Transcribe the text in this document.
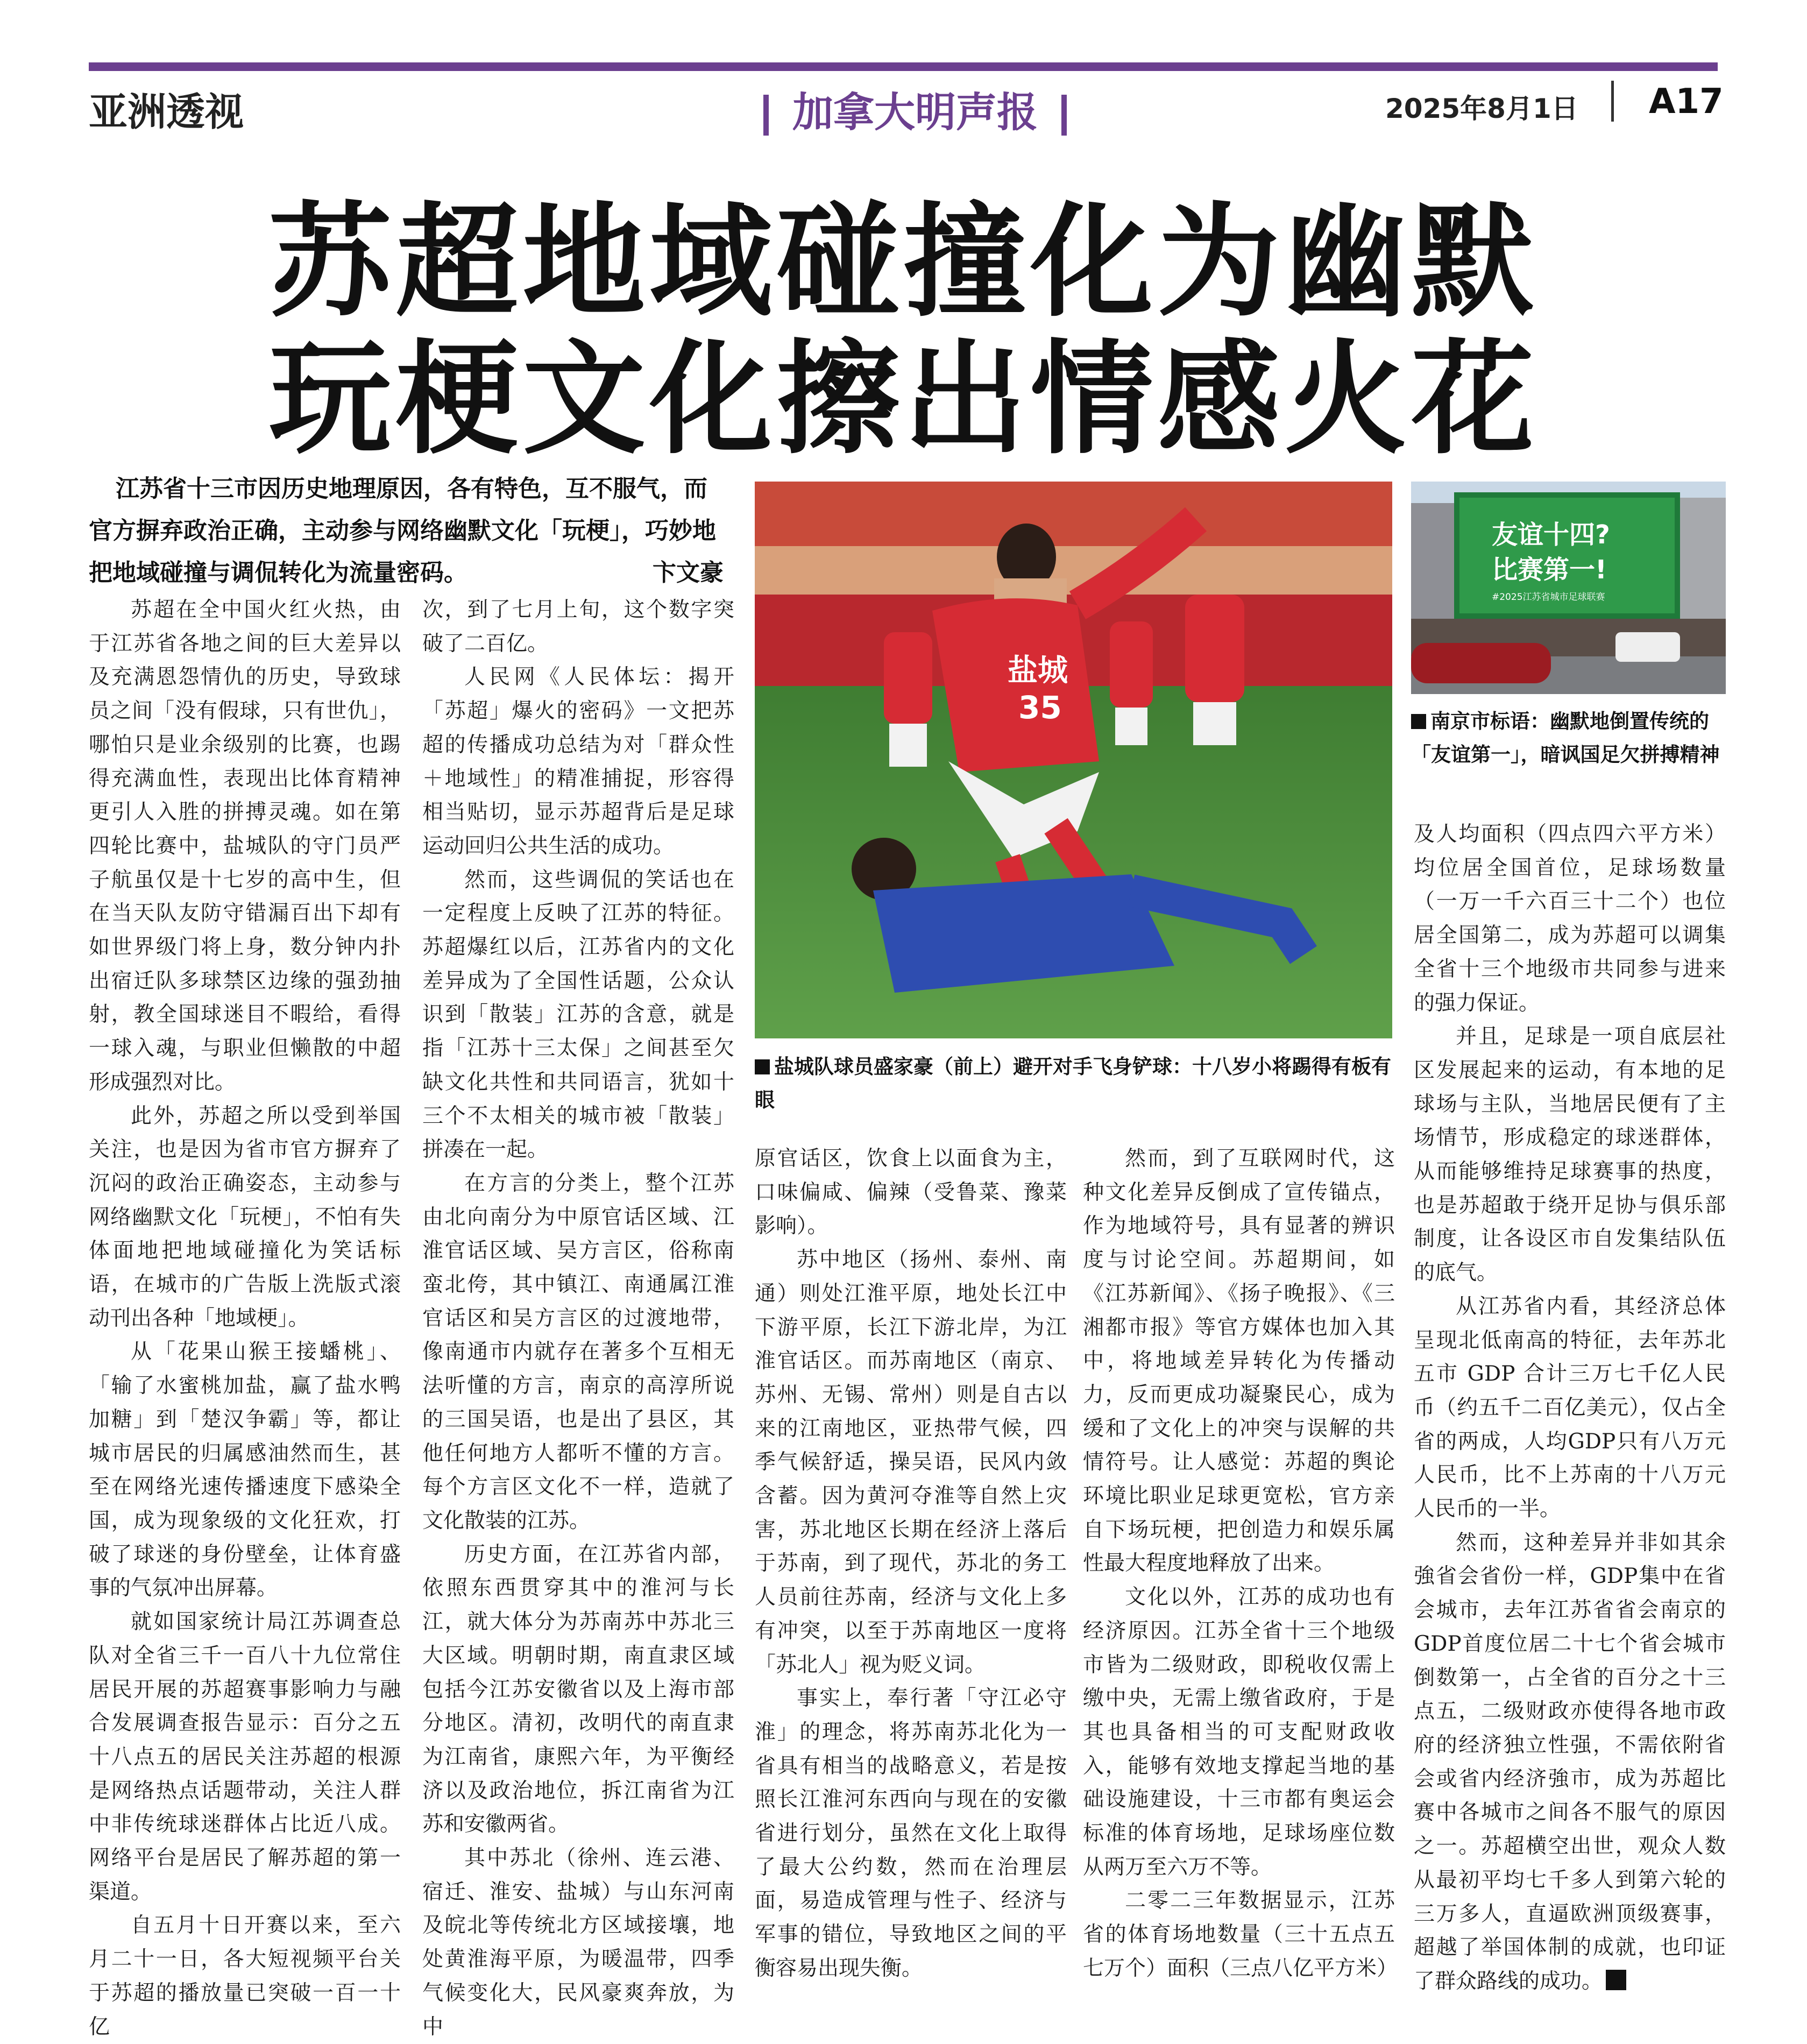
亚洲透视	加拿大明声报	2025年8月1日 A17
苏超地域碰撞化为幽默
玩梗文化擦出情感火花
江苏省十三市因历史地理原因，各有特色，互不服气，而官方摒弃政治正确，主动参与网络幽默文化「玩梗」，巧妙地把地域碰撞与调侃转化为流量密码。	卞文豪

苏超在全中国火红火热，由于江苏省各地之间的巨大差异以及充满恩怨情仇的历史，导致球员之间「没有假球，只有世仇」，哪怕只是业余级别的比赛，也踢得充满血性，表现出比体育精神更引人入胜的拼搏灵魂。如在第四轮比赛中，盐城队的守门员严子航虽仅是十七岁的高中生，但在当天队友防守错漏百出下却有如世界级门将上身，数分钟内扑出宿迁队多球禁区边缘的强劲抽射，教全国球迷目不暇给，看得一球入魂，与职业但懒散的中超形成强烈对比。

此外，苏超之所以受到举国关注，也是因为省市官方摒弃了沉闷的政治正确姿态，主动参与网络幽默文化「玩梗」，不怕有失体面地把地域碰撞化为笑话标语，在城市的广告版上洗版式滚动刊出各种「地域梗」。

从「花果山猴王接蟠桃」、「输了水蜜桃加盐，赢了盐水鸭加糖」到「楚汉争霸」等，都让城市居民的归属感油然而生，甚至在网络光速传播速度下感染全国，成为现象级的文化狂欢，打破了球迷的身份壁垒，让体育盛事的气氛冲出屏幕。

就如国家统计局江苏调查总队对全省三千一百八十九位常住居民开展的苏超赛事影响力与融合发展调查报告显示：百分之五十八点五的居民关注苏超的根源是网络热点话题带动，关注人群中非传统球迷群体占比近八成。网络平台是居民了解苏超的第一渠道。

自五月十日开赛以来，至六月二十一日，各大短视频平台关于苏超的播放量已突破一百一十亿

次，到了七月上旬，这个数字突破了二百亿。

人民网《人民体坛：揭开「苏超」爆火的密码》一文把苏超的传播成功总结为对「群众性＋地域性」的精准捕捉，形容得相当贴切，显示苏超背后是足球运动回归公共生活的成功。

然而，这些调侃的笑话也在一定程度上反映了江苏的特征。苏超爆红以后，江苏省内的文化差异成为了全国性话题，公众认识到「散装」江苏的含意，就是指「江苏十三太保」之间甚至欠缺文化共性和共同语言，犹如十三个不太相关的城市被「散装」拼凑在一起。

在方言的分类上，整个江苏由北向南分为中原官话区域、江淮官话区域、吴方言区，俗称南蛮北侉，其中镇江、南通属江淮官话区和吴方言区的过渡地带，像南通市内就存在著多个互相无法听懂的方言，南京的高淳所说的三国吴语，也是出了县区，其他任何地方人都听不懂的方言。每个方言区文化不一样，造就了文化散装的江苏。

历史方面，在江苏省内部，依照东西贯穿其中的淮河与长江，就大体分为苏南苏中苏北三大区域。明朝时期，南直隶区域包括今江苏安徽省以及上海市部分地区。清初，改明代的南直隶为江南省，康熙六年，为平衡经济以及政治地位，拆江南省为江苏和安徽两省。

其中苏北（徐州、连云港、宿迁、淮安、盐城）与山东河南及皖北等传统北方区域接壤，地处黄淮海平原，为暖温带，四季气候变化大，民风豪爽奔放，为中

盐城
35
盐城队球员盛家豪（前上）避开对手飞身铲球：十八岁小将踢得有板有眼
友谊十四?
比赛第一!
#2025江苏省城市足球联赛
南京市标语：幽默地倒置传统的「友谊第一」，暗讽国足欠拼搏精神

原官话区，饮食上以面食为主，口味偏咸、偏辣（受鲁菜、豫菜影响）。

苏中地区（扬州、泰州、南通）则处江淮平原，地处长江中下游平原，长江下游北岸，为江淮官话区。而苏南地区（南京、苏州、无锡、常州）则是自古以来的江南地区，亚热带气候，四季气候舒适，操吴语，民风内敛含蓄。因为黄河夺淮等自然上灾害，苏北地区长期在经济上落后于苏南，到了现代，苏北的务工人员前往苏南，经济与文化上多有冲突，以至于苏南地区一度将「苏北人」视为贬义词。

事实上，奉行著「守江必守淮」的理念，将苏南苏北化为一省具有相当的战略意义，若是按照长江淮河东西向与现在的安徽省进行划分，虽然在文化上取得了最大公约数，然而在治理层面，易造成管理与性子、经济与军事的错位，导致地区之间的平衡容易出现失衡。

然而，到了互联网时代，这种文化差异反倒成了宣传锚点，作为地域符号，具有显著的辨识度与讨论空间。苏超期间，如《江苏新闻》、《扬子晚报》、《三湘都市报》等官方媒体也加入其中，将地域差异转化为传播动力，反而更成功凝聚民心，成为缓和了文化上的冲突与误解的共情符号。让人感觉：苏超的舆论环境比职业足球更宽松，官方亲自下场玩梗，把创造力和娱乐属性最大程度地释放了出来。

文化以外，江苏的成功也有经济原因。江苏全省十三个地级市皆为二级财政，即税收仅需上缴中央，无需上缴省政府，于是其也具备相当的可支配财政收入，能够有效地支撑起当地的基础设施建设，十三市都有奥运会标准的体育场地，足球场座位数从两万至六万不等。

二零二三年数据显示，江苏省的体育场地数量（三十五点五七万个）面积（三点八亿平方米）

及人均面积（四点四六平方米）均位居全国首位，足球场数量（一万一千六百三十二个）也位居全国第二，成为苏超可以调集全省十三个地级市共同参与进来的强力保证。

并且，足球是一项自底层社区发展起来的运动，有本地的足球场与主队，当地居民便有了主场情节，形成稳定的球迷群体，从而能够维持足球赛事的热度，也是苏超敢于绕开足协与俱乐部制度，让各设区市自发集结队伍的底气。

从江苏省内看，其经济总体呈现北低南高的特征，去年苏北五市 GDP 合计三万七千亿人民币（约五千二百亿美元），仅占全省的两成，人均GDP只有八万元人民币，比不上苏南的十八万元人民币的一半。

然而，这种差异并非如其余強省会省份一样，GDP集中在省会城市，去年江苏省省会南京的GDP首度位居二十七个省会城市倒数第一，占全省的百分之十三点五，二级财政亦使得各地市政府的经济独立性强，不需依附省会或省内经济強市，成为苏超比赛中各城市之间各不服气的原因之一。苏超横空出世，观众人数从最初平均七千多人到第六轮的三万多人，直逼欧洲顶级赛事，超越了举国体制的成就，也印证了群众路线的成功。
